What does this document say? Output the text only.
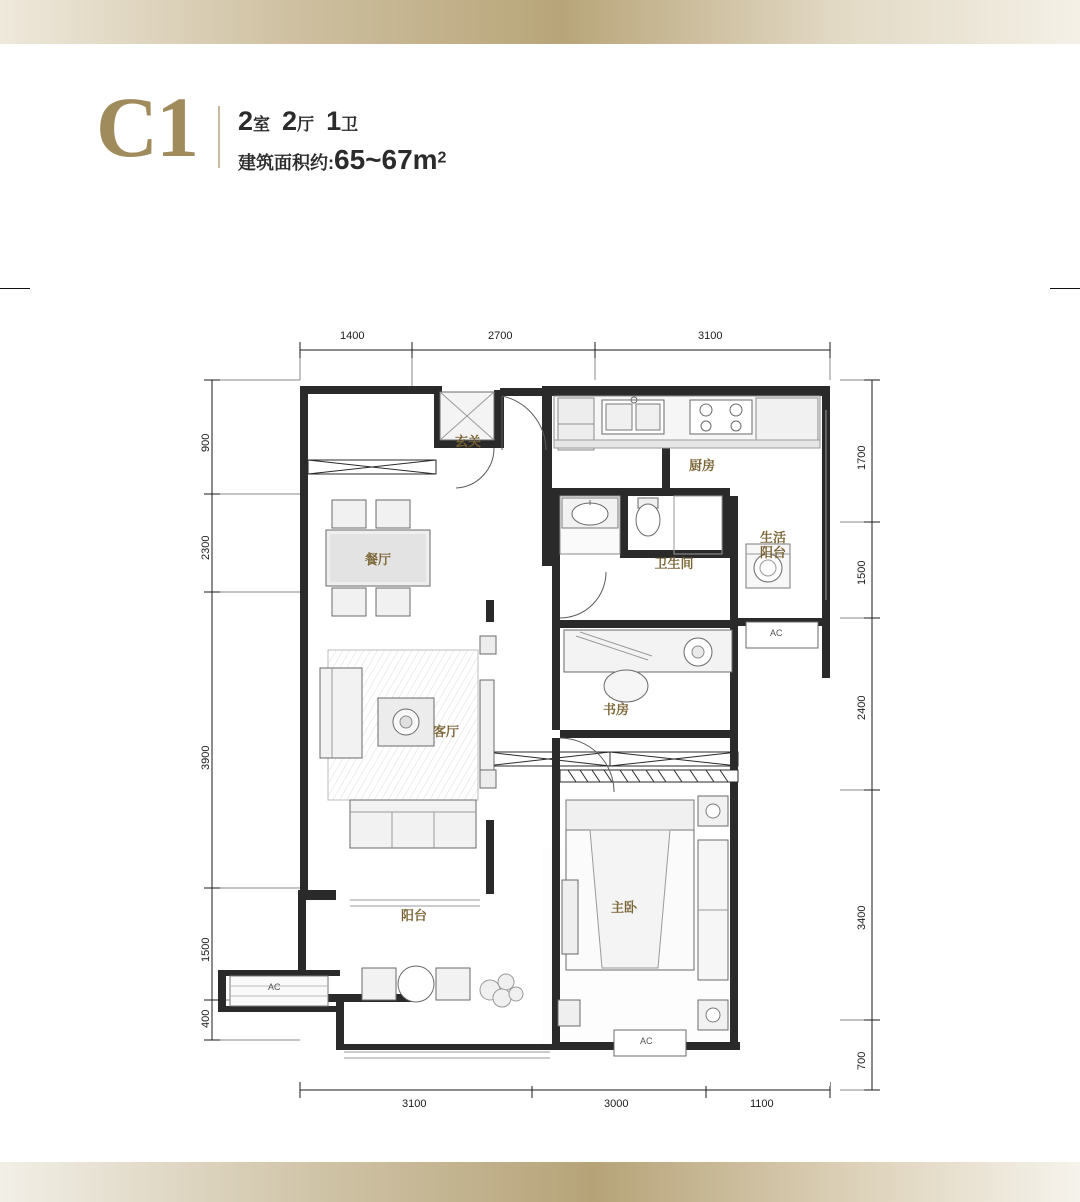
C1 2室 2厅 1卫
建筑面积约:65~67m2
1400	2700	3100
3100	3000	1100
900
2300
3900
1500
400
1700
1500
2400
3400
700
玄关
厨房
生活
阳台
卫生间
餐厅
书房
客厅
主卧
阳台
AC
AC
AC
